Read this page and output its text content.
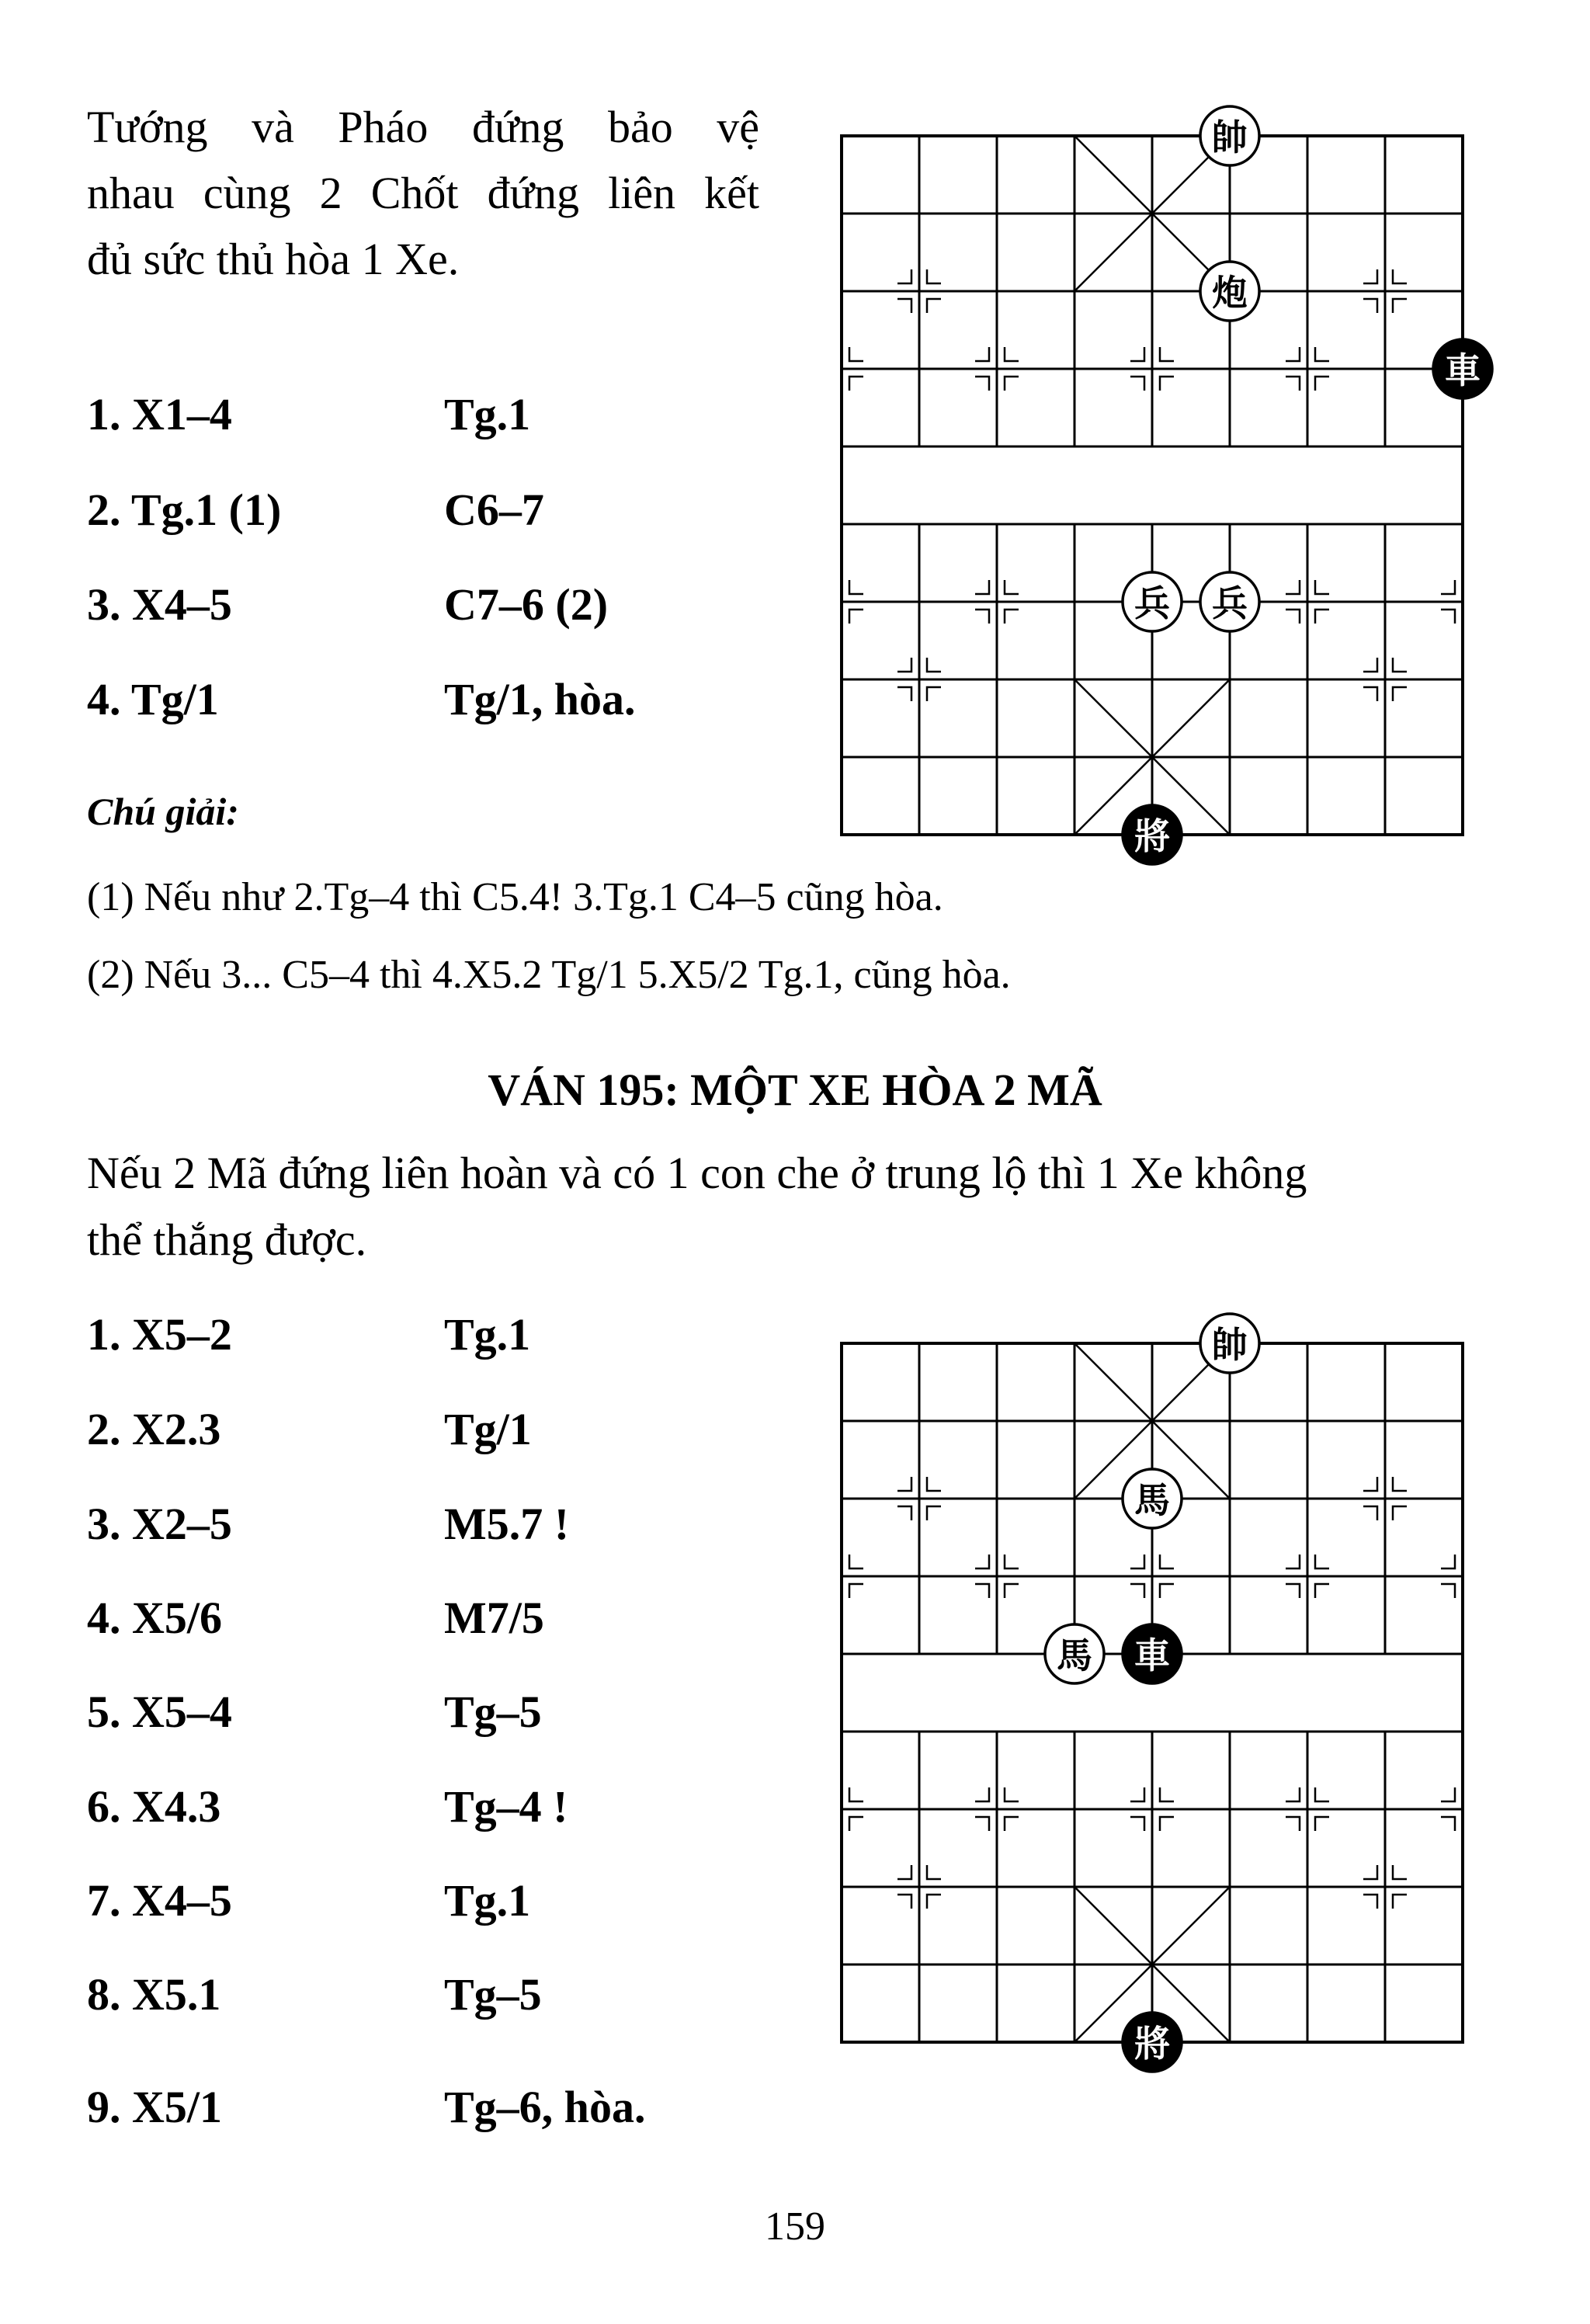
Tướng và Pháo đứng bảo vệ
nhau cùng 2 Chốt đứng liên kết
đủ sức thủ hòa 1 Xe.
1. X1–4	Tg.1
2. Tg.1 (1)	C6–7
3. X4–5	C7–6 (2)
4. Tg/1	Tg/1, hòa.
Chú giải:
(1) Nếu như 2.Tg–4 thì C5.4! 3.Tg.1 C4–5 cũng hòa.
(2) Nếu 3... C5–4 thì 4.X5.2 Tg/1 5.X5/2 Tg.1, cũng hòa.
VÁN 195: MỘT XE HÒA 2 MÃ
Nếu 2 Mã đứng liên hoàn và có 1 con che ở trung lộ thì 1 Xe không
thể thắng được.
1. X5–2	Tg.1
2. X2.3	Tg/1
3. X2–5	M5.7 !
4. X5/6	M7/5
5. X5–4	Tg–5
6. X4.3	Tg–4 !
7. X4–5	Tg.1
8. X5.1	Tg–5
9. X5/1	Tg–6, hòa.
帥
炮
車
兵 兵
將
帥
馬
馬 車
將
159
